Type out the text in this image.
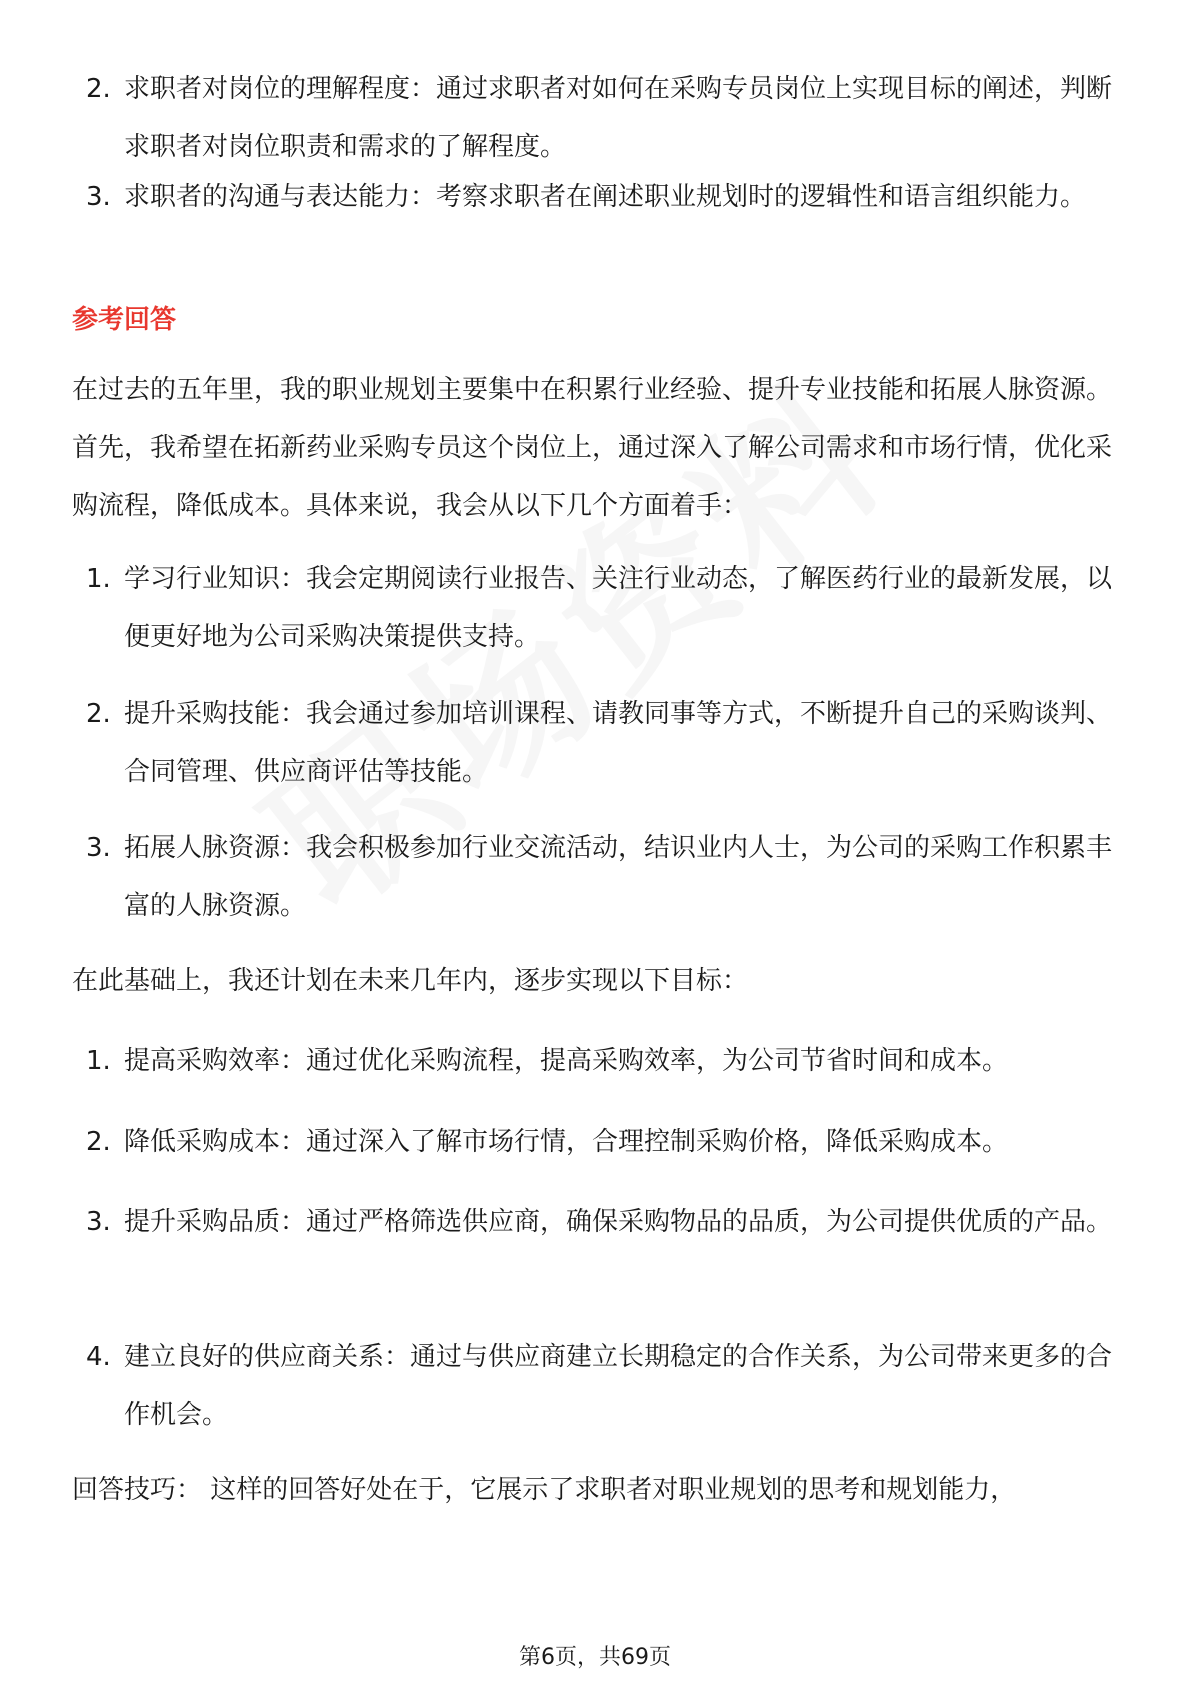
2. 求职者对岗位的理解程度：通过求职者对如何在采购专员岗位上实现目标的阐述，判断求职者对岗位职责和需求的了解程度。
3. 求职者的沟通与表达能力：考察求职者在阐述职业规划时的逻辑性和语言组织能力。
参考回答
在过去的五年里，我的职业规划主要集中在积累行业经验、提升专业技能和拓展人脉资源。首先，我希望在拓新药业采购专员这个岗位上，通过深入了解公司需求和市场行情，优化采购流程，降低成本。具体来说，我会从以下几个方面着手：
1. 学习行业知识：我会定期阅读行业报告、关注行业动态，了解医药行业的最新发展，以便更好地为公司采购决策提供支持。
2. 提升采购技能：我会通过参加培训课程、请教同事等方式，不断提升自己的采购谈判、合同管理、供应商评估等技能。
3. 拓展人脉资源：我会积极参加行业交流活动，结识业内人士，为公司的采购工作积累丰富的人脉资源。
在此基础上，我还计划在未来几年内，逐步实现以下目标：
1. 提高采购效率：通过优化采购流程，提高采购效率，为公司节省时间和成本。
2. 降低采购成本：通过深入了解市场行情，合理控制采购价格，降低采购成本。
3. 提升采购品质：通过严格筛选供应商，确保采购物品的品质，为公司提供优质的产品。
4. 建立良好的供应商关系：通过与供应商建立长期稳定的合作关系，为公司带来更多的合作机会。
回答技巧： 这样的回答好处在于，它展示了求职者对职业规划的思考和规划能力，
第6页，共69页
